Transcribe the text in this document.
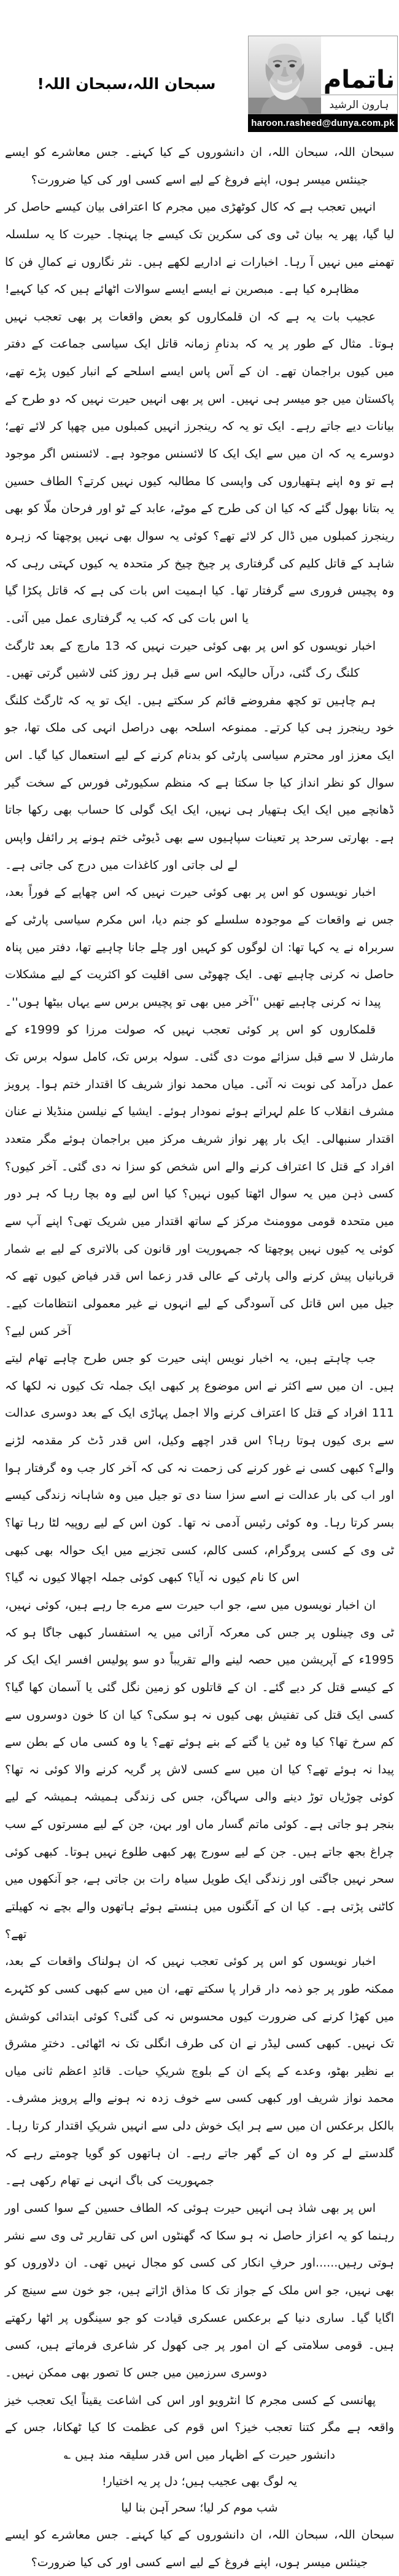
ناتمام
ہارون الرشید
haroon.rasheed@dunya.com.pk
سبحان اللہ،سبحان اللہ!

سبحان اللہ، سبحان اللہ، ان دانشوروں کے کیا کہنے۔ جس معاشرے کو ایسے جینئس میسر ہوں، اپنے فروغ کے لیے اسے کسی اور کی کیا ضرورت؟

انہیں تعجب ہے کہ کال کوٹھڑی میں مجرم کا اعترافی بیان کیسے حاصل کر لیا گیا، پھر یہ بیان ٹی وی کی سکرین تک کیسے جا پہنچا۔ حیرت کا یہ سلسلہ تھمنے میں نہیں آ رہا۔ اخبارات نے اداریے لکھے ہیں۔ نثر نگاروں نے کمالِ فن کا مظاہرہ کیا ہے۔ مبصرین نے ایسے ایسے سوالات اٹھائے ہیں کہ کیا کہیے!

عجیب بات یہ ہے کہ ان قلمکاروں کو بعض واقعات پر بھی تعجب نہیں ہوتا۔ مثال کے طور پر یہ کہ بدنامِ زمانہ قاتل ایک سیاسی جماعت کے دفتر میں کیوں براجمان تھے۔ ان کے آس پاس ایسے اسلحے کے انبار کیوں پڑے تھے، پاکستان میں جو میسر ہی نہیں۔ اس پر بھی انہیں حیرت نہیں کہ دو طرح کے بیانات دیے جاتے رہے۔ ایک تو یہ کہ رینجرز انہیں کمبلوں میں چھپا کر لائے تھے؛ دوسرے یہ کہ ان میں سے ایک ایک کا لائسنس موجود ہے۔ لائسنس اگر موجود ہے تو وہ اپنے ہتھیاروں کی واپسی کا مطالبہ کیوں نہیں کرتے؟ الطاف حسین یہ بتانا بھول گئے کہ کیا ان کی طرح کے موٹے، عابد کے ٹو اور فرحان ملّا کو بھی رینجرز کمبلوں میں ڈال کر لائے تھے؟ کوئی یہ سوال بھی نہیں پوچھتا کہ زہرہ شاہد کے قاتل کلیم کی گرفتاری پر چیخ چیخ کر متحدہ یہ کیوں کہتی رہی کہ وہ پچیس فروری سے گرفتار تھا۔ کیا اہمیت اس بات کی ہے کہ قاتل پکڑا گیا یا اس بات کی کہ کب یہ گرفتاری عمل میں آئی۔

اخبار نویسوں کو اس پر بھی کوئی حیرت نہیں کہ 13 مارچ کے بعد ٹارگٹ کلنگ رک گئی، درآں حالیکہ اس سے قبل ہر روز کئی لاشیں گرتی تھیں۔

ہم چاہیں تو کچھ مفروضے قائم کر سکتے ہیں۔ ایک تو یہ کہ ٹارگٹ کلنگ خود رینجرز ہی کیا کرتے۔ ممنوعہ اسلحہ بھی دراصل انہی کی ملک تھا، جو ایک معزز اور محترم سیاسی پارٹی کو بدنام کرنے کے لیے استعمال کیا گیا۔ اس سوال کو نظر انداز کیا جا سکتا ہے کہ منظم سکیورٹی فورس کے سخت گیر ڈھانچے میں ایک ایک ہتھیار ہی نہیں، ایک ایک گولی کا حساب بھی رکھا جاتا ہے۔ بھارتی سرحد پر تعینات سپاہیوں سے بھی ڈیوٹی ختم ہونے پر رائفل واپس لے لی جاتی اور کاغذات میں درج کی جاتی ہے۔

اخبار نویسوں کو اس پر بھی کوئی حیرت نہیں کہ اس چھاپے کے فوراً بعد، جس نے واقعات کے موجودہ سلسلے کو جنم دیا، اس مکرم سیاسی پارٹی کے سربراہ نے یہ کہا تھا: ان لوگوں کو کہیں اور چلے جانا چاہیے تھا، دفتر میں پناہ حاصل نہ کرنی چاہیے تھی۔ ایک چھوٹی سی اقلیت کو اکثریت کے لیے مشکلات پیدا نہ کرنی چاہیے تھیں ''آخر میں بھی تو پچیس برس سے یہاں بیٹھا ہوں''۔

قلمکاروں کو اس پر کوئی تعجب نہیں کہ صولت مرزا کو 1999ء کے مارشل لا سے قبل سزائے موت دی گئی۔ سولہ برس تک، کامل سولہ برس تک عمل درآمد کی نوبت نہ آئی۔ میاں محمد نواز شریف کا اقتدار ختم ہوا۔ پرویز مشرف انقلاب کا علم لہراتے ہوئے نمودار ہوئے۔ ایشیا کے نیلسن منڈیلا نے عنان اقتدار سنبھالی۔ ایک بار پھر نواز شریف مرکز میں براجمان ہوئے مگر متعدد افراد کے قتل کا اعتراف کرنے والے اس شخص کو سزا نہ دی گئی۔ آخر کیوں؟ کسی ذہن میں یہ سوال اٹھتا کیوں نہیں؟ کیا اس لیے وہ بچا رہا کہ ہر دور میں متحدہ قومی موومنٹ مرکز کے ساتھ اقتدار میں شریک تھی؟ اپنے آپ سے کوئی یہ کیوں نہیں پوچھتا کہ جمہوریت اور قانون کی بالاتری کے لیے بے شمار قربانیاں پیش کرنے والی پارٹی کے عالی قدر زعما اس قدر فیاض کیوں تھے کہ جیل میں اس قاتل کی آسودگی کے لیے انہوں نے غیر معمولی انتظامات کیے۔ آخر کس لیے؟

جب چاہتے ہیں، یہ اخبار نویس اپنی حیرت کو جس طرح چاہے تھام لیتے ہیں۔ ان میں سے اکثر نے اس موضوع پر کبھی ایک جملہ تک کیوں نہ لکھا کہ 111 افراد کے قتل کا اعتراف کرنے والا اجمل پہاڑی ایک کے بعد دوسری عدالت سے بری کیوں ہوتا رہا؟ اس قدر اچھے وکیل، اس قدر ڈٹ کر مقدمہ لڑنے والے؟ کبھی کسی نے غور کرنے کی زحمت نہ کی کہ آخر کار جب وہ گرفتار ہوا اور اب کی بار عدالت نے اسے سزا سنا دی تو جیل میں وہ شاہانہ زندگی کیسے بسر کرتا رہا۔ وہ کوئی رئیس آدمی نہ تھا۔ کون اس کے لیے روپیہ لٹا رہا تھا؟ ٹی وی کے کسی پروگرام، کسی کالم، کسی تجزیے میں ایک حوالہ بھی کبھی اس کا نام کیوں نہ آیا؟ کبھی کوئی جملہ اچھالا کیوں نہ گیا؟

ان اخبار نویسوں میں سے، جو اب حیرت سے مرے جا رہے ہیں، کوئی نہیں، ٹی وی چینلوں پر جس کی معرکہ آرائی میں یہ استفسار کبھی جاگا ہو کہ 1995ء کے آپریشن میں حصہ لینے والے تقریباً دو سو پولیس افسر ایک ایک کر کے کیسے قتل کر دیے گئے۔ ان کے قاتلوں کو زمین نگل گئی یا آسمان کھا گیا؟ کسی ایک قتل کی تفتیش بھی کیوں نہ ہو سکی؟ کیا ان کا خون دوسروں سے کم سرخ تھا؟ کیا وہ ٹین یا گتے کے بنے ہوئے تھے؟ یا وہ کسی ماں کے بطن سے پیدا نہ ہوئے تھے؟ کیا ان میں سے کسی لاش پر گریہ کرنے والا کوئی نہ تھا؟ کوئی چوڑیاں توڑ دینے والی سہاگن، جس کی زندگی ہمیشہ ہمیشہ کے لیے بنجر ہو جاتی ہے۔ کوئی ماتم گسار ماں اور بہن، جن کے لیے مسرتوں کے سب چراغ بجھ جاتے ہیں۔ جن کے لیے سورج پھر کبھی طلوع نہیں ہوتا۔ کبھی کوئی سحر نہیں جاگتی اور زندگی ایک طویل سیاہ رات بن جاتی ہے، جو آنکھوں میں کاٹنی پڑتی ہے۔ کیا ان کے آنگنوں میں ہنستے ہوئے ہاتھوں والے بچے نہ کھیلتے تھے؟

اخبار نویسوں کو اس پر کوئی تعجب نہیں کہ ان ہولناک واقعات کے بعد، ممکنہ طور پر جو ذمہ دار قرار پا سکتے تھے، ان میں سے کبھی کسی کو کٹہرے میں کھڑا کرنے کی ضرورت کیوں محسوس نہ کی گئی؟ کوئی ابتدائی کوشش تک نہیں۔ کبھی کسی لیڈر نے ان کی طرف انگلی تک نہ اٹھائی۔ دخترِ مشرق بے نظیر بھٹو، وعدے کے پکے ان کے بلوچ شریکِ حیات۔ قائدِ اعظم ثانی میاں محمد نواز شریف اور کبھی کسی سے خوف زدہ نہ ہونے والے پرویز مشرف۔ بالکل برعکس ان میں سے ہر ایک خوش دلی سے انہیں شریکِ اقتدار کرتا رہا۔ گلدستے لے کر وہ ان کے گھر جاتے رہے۔ ان ہاتھوں کو گویا چومتے رہے کہ جمہوریت کی باگ انہی نے تھام رکھی ہے۔

اس پر بھی شاذ ہی انہیں حیرت ہوئی کہ الطاف حسین کے سوا کسی اور رہنما کو یہ اعزاز حاصل نہ ہو سکا کہ گھنٹوں اس کی تقاریر ٹی وی سے نشر ہوتی رہیں......اور حرفِ انکار کی کسی کو مجال نہیں تھی۔ ان دلاوروں کو بھی نہیں، جو اس ملک کے جواز تک کا مذاق اڑاتے ہیں، جو خون سے سینچ کر اگایا گیا۔ ساری دنیا کے برعکس عسکری قیادت کو جو سینگوں پر اٹھا رکھتے ہیں۔ قومی سلامتی کے ان امور پر جی کھول کر شاعری فرماتے ہیں، کسی دوسری سرزمین میں جس کا تصور بھی ممکن نہیں۔

پھانسی کے کسی مجرم کا انٹرویو اور اس کی اشاعت یقیناً ایک تعجب خیز واقعہ ہے مگر کتنا تعجب خیز؟ اس قوم کی عظمت کا کیا ٹھکانا، جس کے دانشور حیرت کے اظہار میں اس قدر سلیقہ مند ہیں ؎

یہ لوگ بھی عجیب ہیں؛ دل پر یہ اختیار!

شب موم کر لیا؛ سحر آہن بنا لیا

سبحان اللہ، سبحان اللہ، ان دانشوروں کے کیا کہنے۔ جس معاشرے کو ایسے جینئس میسر ہوں، اپنے فروغ کے لیے اسے کسی اور کی کیا ضرورت؟
